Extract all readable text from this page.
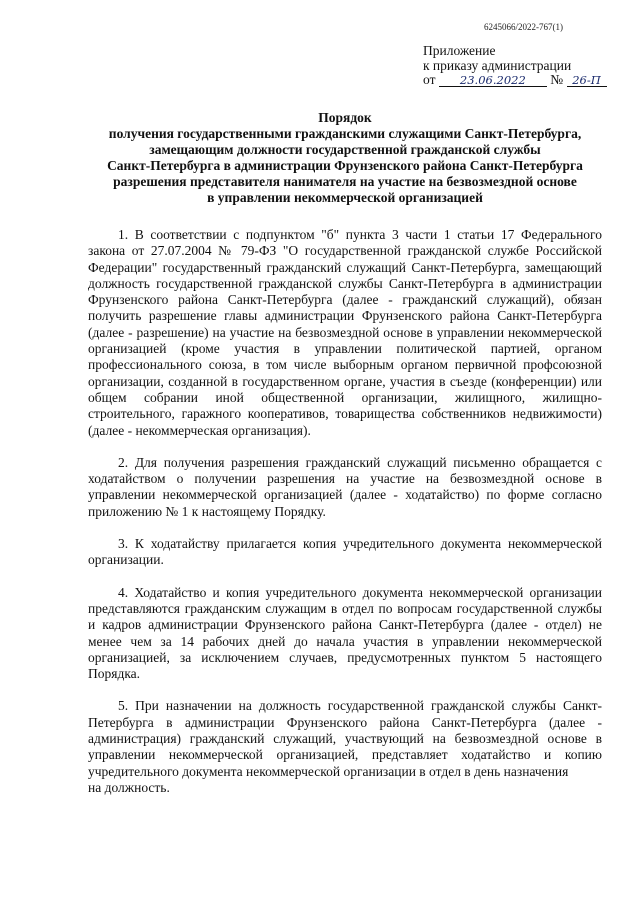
6245066/2022-767(1)
Приложение
к приказу администрации
от 23.06.2022 № 26-П
Порядок
получения государственными гражданскими служащими Санкт-Петербурга,
замещающим должности государственной гражданской службы
Санкт-Петербурга в администрации Фрунзенского района Санкт-Петербурга
разрешения представителя нанимателя на участие на безвозмездной основе
в управлении некоммерческой организацией

1. В соответствии с подпунктом "б" пункта 3 части 1 статьи 17 Федерального закона от 27.07.2004 № 79-ФЗ "О государственной гражданской службе Российской Федерации" государственный гражданский служащий Санкт-Петербурга, замещающий должность государственной гражданской службы Санкт-Петербурга в администрации Фрунзенского района Санкт-Петербурга (далее - гражданский служащий), обязан получить разрешение главы администрации Фрунзенского района Санкт-Петербурга (далее - разрешение) на участие на безвозмездной основе в управлении некоммерческой организацией (кроме участия в управлении политической партией, органом профессионального союза, в том числе выборным органом первичной профсоюзной организации, созданной в государственном органе, участия в съезде (конференции) или общем собрании иной общественной организации, жилищного, жилищно-строительного, гаражного кооперативов, товарищества собственников недвижимости) (далее - некоммерческая организация).

2. Для получения разрешения гражданский служащий письменно обращается с ходатайством о получении разрешения на участие на безвозмездной основе в управлении некоммерческой организацией (далее - ходатайство) по форме согласно приложению № 1 к настоящему Порядку.

3. К ходатайству прилагается копия учредительного документа некоммерческой организации.

4. Ходатайство и копия учредительного документа некоммерческой организации представляются гражданским служащим в отдел по вопросам государственной службы и кадров администрации Фрунзенского района Санкт-Петербурга (далее - отдел) не менее чем за 14 рабочих дней до начала участия в управлении некоммерческой организацией, за исключением случаев, предусмотренных пунктом 5 настоящего Порядка.

5. При назначении на должность государственной гражданской службы Санкт-Петербурга в администрации Фрунзенского района Санкт-Петербурга (далее - администрация) гражданский служащий, участвующий на безвозмездной основе в управлении некоммерческой организацией, представляет ходатайство и копию учредительного документа некоммерческой организации в отдел в день назначения

на должность.
